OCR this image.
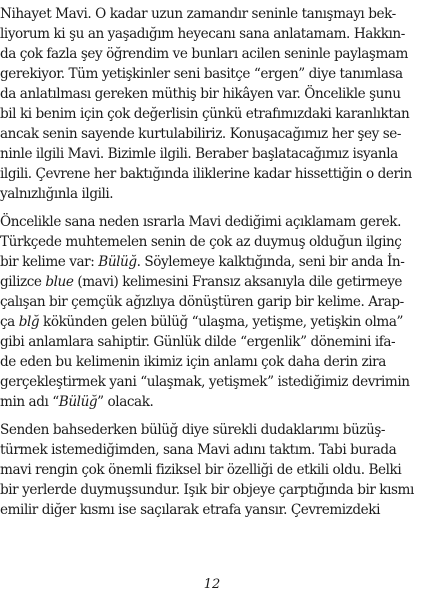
Nihayet Mavi. O kadar uzun zamandır seninle tanışmayı bek- liyorum ki şu an yaşadığım heyecanı sana anlatamam. Hakkın- da çok fazla şey öğrendim ve bunları acilen seninle paylaşmam gerekiyor. Tüm yetişkinler seni basitçe “ergen” diye tanımlasa da anlatılması gereken müthiş bir hikâyen var. Öncelikle şunu bil ki benim için çok değerlisin çünkü etrafımızdaki karanlıktan ancak senin sayende kurtulabiliriz. Konuşacağımız her şey se- ninle ilgili Mavi. Bizimle ilgili. Beraber başlatacağımız isyanla ilgili. Çevrene her baktığında iliklerine kadar hissettiğin o derin yalnızlığınla ilgili.
Öncelikle sana neden ısrarla Mavi dediğimi açıklamam gerek. Türkçede muhtemelen senin de çok az duymuş olduğun ilginç bir kelime var: Bülüğ. Söylemeye kalktığında, seni bir anda İn- gilizce blue (mavi) kelimesini Fransız aksanıyla dile getirmeye çalışan bir çemçük ağızlıya dönüştüren garip bir kelime. Arap- ça blğ kökünden gelen bülüğ “ulaşma, yetişme, yetişkin olma” gibi anlamlara sahiptir. Günlük dilde “ergenlik” dönemini ifa- de eden bu kelimenin ikimiz için anlamı çok daha derin zira gerçekleştirmek yani “ulaşmak, yetişmek” istediğimiz devrimin min adı “Bülüğ” olacak.
Senden bahsederken bülüğ diye sürekli dudaklarımı büzüş- türmek istemediğimden, sana Mavi adını taktım. Tabi burada mavi rengin çok önemli fiziksel bir özelliği de etkili oldu. Belki bir yerlerde duymuşsundur. Işık bir objeye çarptığında bir kısmı emilir diğer kısmı ise saçılarak etrafa yansır. Çevremizdeki
12
